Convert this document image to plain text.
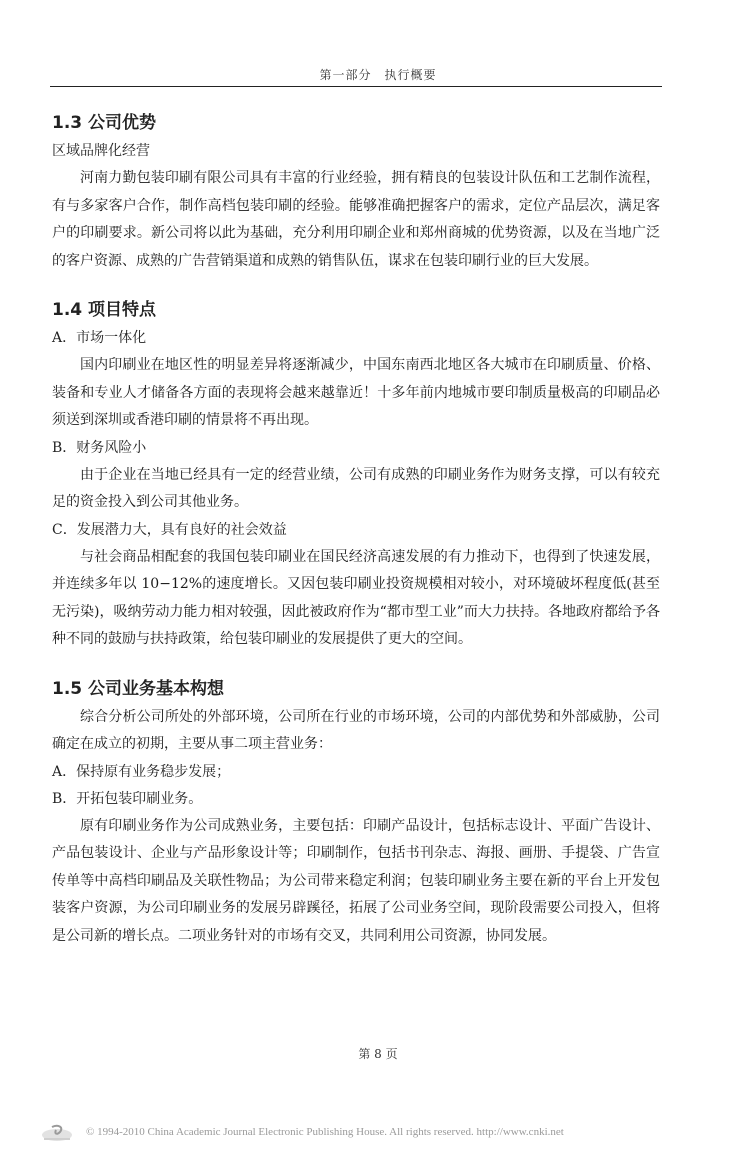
第一部分　执行概要
1.3 公司优势

区域品牌化经营

河南力勤包装印刷有限公司具有丰富的行业经验，拥有精良的包装设计队伍和工艺制作流程，有与多家客户合作，制作高档包装印刷的经验。能够准确把握客户的需求，定位产品层次，满足客户的印刷要求。新公司将以此为基础，充分利用印刷企业和郑州商城的优势资源，以及在当地广泛的客户资源、成熟的广告营销渠道和成熟的销售队伍，谋求在包装印刷行业的巨大发展。

1.4 项目特点

A．市场一体化

国内印刷业在地区性的明显差异将逐渐减少，中国东南西北地区各大城市在印刷质量、价格、装备和专业人才储备各方面的表现将会越来越靠近！十多年前内地城市要印制质量极高的印刷品必须送到深圳或香港印刷的情景将不再出现。

B．财务风险小

由于企业在当地已经具有一定的经营业绩，公司有成熟的印刷业务作为财务支撑，可以有较充足的资金投入到公司其他业务。

C．发展潜力大，具有良好的社会效益

与社会商品相配套的我国包装印刷业在国民经济高速发展的有力推动下，也得到了快速发展，并连续多年以 10−12%的速度增长。又因包装印刷业投资规模相对较小，对环境破坏程度低(甚至无污染)，吸纳劳动力能力相对较强，因此被政府作为“都市型工业”而大力扶持。各地政府都给予各种不同的鼓励与扶持政策，给包装印刷业的发展提供了更大的空间。

1.5 公司业务基本构想

综合分析公司所处的外部环境，公司所在行业的市场环境，公司的内部优势和外部威胁，公司确定在成立的初期，主要从事二项主营业务：

A．保持原有业务稳步发展；

B．开拓包装印刷业务。

原有印刷业务作为公司成熟业务，主要包括：印刷产品设计，包括标志设计、平面广告设计、产品包装设计、企业与产品形象设计等；印刷制作，包括书刊杂志、海报、画册、手提袋、广告宣传单等中高档印刷品及关联性物品；为公司带来稳定利润；包装印刷业务主要在新的平台上开发包装客户资源，为公司印刷业务的发展另辟蹊径，拓展了公司业务空间，现阶段需要公司投入，但将是公司新的增长点。二项业务针对的市场有交叉，共同利用公司资源，协同发展。

第 8 页
© 1994-2010 China Academic Journal Electronic Publishing House. All rights reserved. http://www.cnki.net
